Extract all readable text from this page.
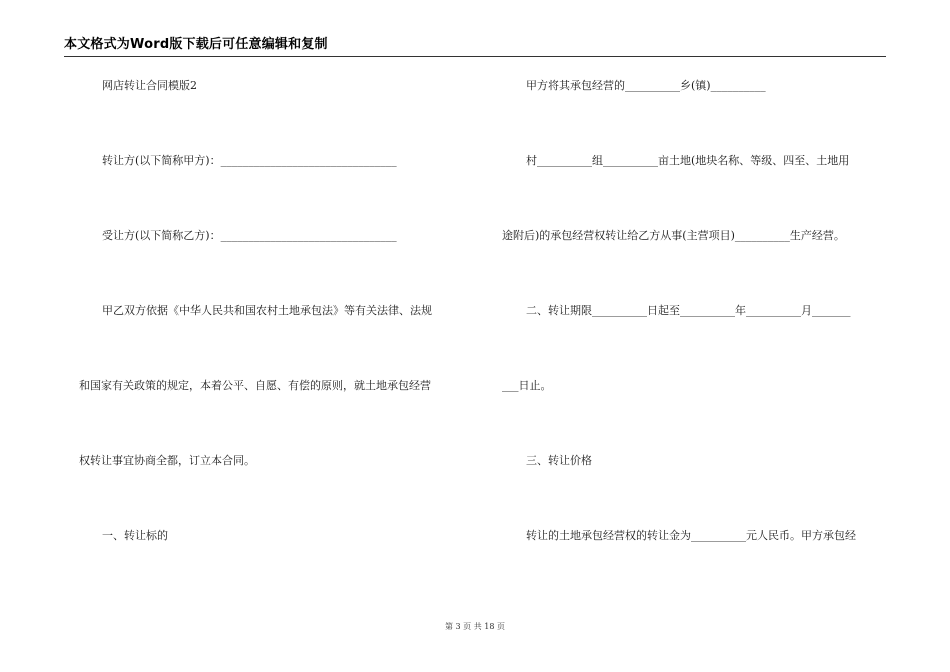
本文格式为Word版下载后可任意编辑和复制
网店转让合同模版2
转让方(以下简称甲方)：________________________________
受让方(以下简称乙方)：________________________________
甲乙双方依据《中华人民共和国农村土地承包法》等有关法律、法规
和国家有关政策的规定，本着公平、自愿、有偿的原则，就土地承包经营
权转让事宜协商全都，订立本合同。
一、转让标的
甲方将其承包经营的__________乡(镇)__________
村__________组__________亩土地(地块名称、等级、四至、土地用
途附后)的承包经营权转让给乙方从事(主营项目)__________生产经营。
二、转让期限__________日起至__________年__________月_______
___日止。
三、转让价格
转让的土地承包经营权的转让金为__________元人民币。甲方承包经
第 3 页 共 18 页
